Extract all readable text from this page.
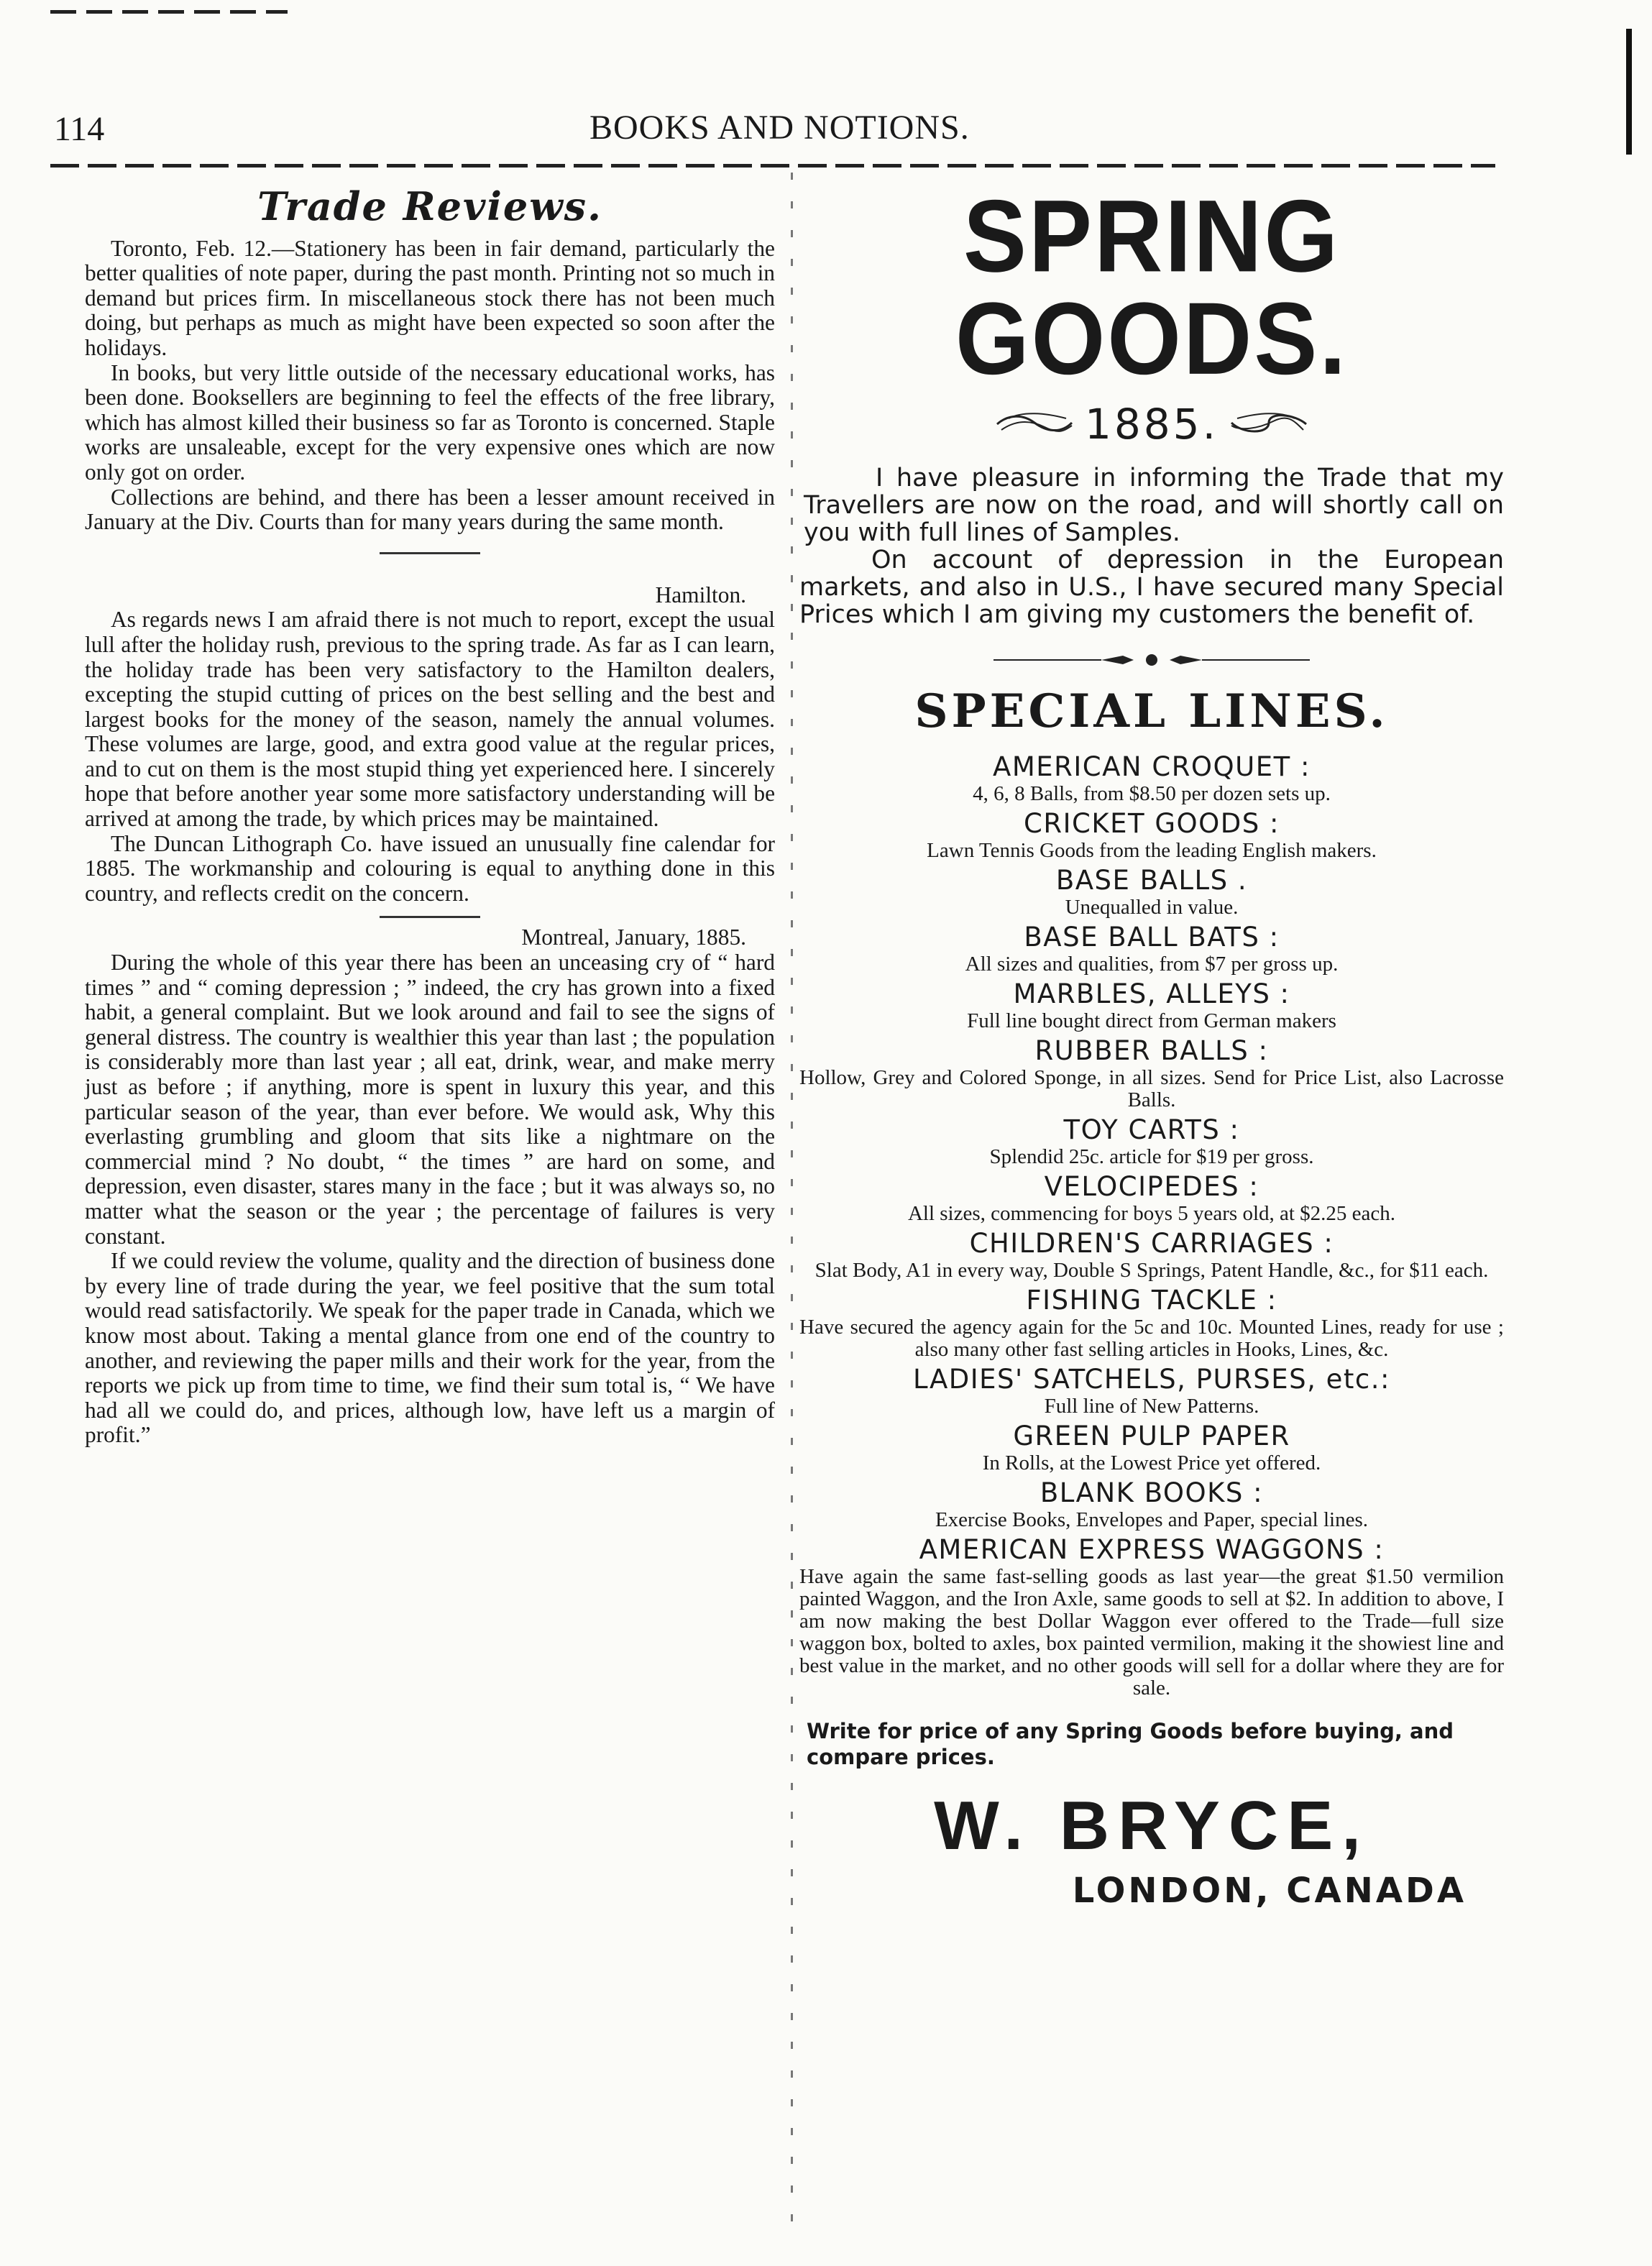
114	BOOKS AND NOTIONS.
Trade Reviews.

Toronto, Feb. 12.—Stationery has been in fair demand, particularly the better qualities of note paper, during the past month. Printing not so much in demand but prices firm. In miscellaneous stock there has not been much doing, but perhaps as much as might have been expected so soon after the holidays.

In books, but very little outside of the necessary educational works, has been done. Booksellers are beginning to feel the effects of the free library, which has almost killed their business so far as Toronto is concerned. Staple works are unsaleable, except for the very expensive ones which are now only got on order.

Collections are behind, and there has been a lesser amount received in January at the Div. Courts than for many years during the same month.

Hamilton.

As regards news I am afraid there is not much to report, except the usual lull after the holiday rush, previous to the spring trade. As far as I can learn, the holiday trade has been very satisfactory to the Hamilton dealers, excepting the stupid cutting of prices on the best selling and the best and largest books for the money of the season, namely the annual volumes. These volumes are large, good, and extra good value at the regular prices, and to cut on them is the most stupid thing yet experienced here. I sincerely hope that before another year some more satisfactory understanding will be arrived at among the trade, by which prices may be maintained.

The Duncan Lithograph Co. have issued an unusually fine calendar for 1885. The workmanship and colouring is equal to anything done in this country, and reflects credit on the concern.

Montreal, January, 1885.

During the whole of this year there has been an unceasing cry of “ hard times ” and “ coming depression ; ” indeed, the cry has grown into a fixed habit, a general complaint. But we look around and fail to see the signs of general distress. The country is wealthier this year than last ; the population is considerably more than last year ; all eat, drink, wear, and make merry just as before ; if anything, more is spent in luxury this year, and this particular season of the year, than ever before. We would ask, Why this everlasting grumbling and gloom that sits like a nightmare on the commercial mind ? No doubt, “ the times ” are hard on some, and depression, even disaster, stares many in the face ; but it was always so, no matter what the season or the year ; the percentage of failures is very constant.

If we could review the volume, quality and the direction of business done by every line of trade during the year, we feel positive that the sum total would read satisfactorily. We speak for the paper trade in Canada, which we know most about. Taking a mental glance from one end of the country to another, and reviewing the paper mills and their work for the year, from the reports we pick up from time to time, we find their sum total is, “ We have had all we could do, and prices, although low, have left us a margin of profit.”

SPRING GOODS.
1885.

I have pleasure in informing the Trade that my Travellers are now on the road, and will shortly call on you with full lines of Samples.

On account of depression in the European markets, and also in U.S., I have secured many Special Prices which I am giving my customers the benefit of.

SPECIAL LINES.

AMERICAN CROQUET :

4, 6, 8 Balls, from $8.50 per dozen sets up.

CRICKET GOODS :

Lawn Tennis Goods from the leading English makers.

BASE BALLS .

Unequalled in value.

BASE BALL BATS :

All sizes and qualities, from $7 per gross up.

MARBLES, ALLEYS :

Full line bought direct from German makers

RUBBER BALLS :

Hollow, Grey and Colored Sponge, in all sizes. Send for Price List, also Lacrosse Balls.

TOY CARTS :

Splendid 25c. article for $19 per gross.

VELOCIPEDES :

All sizes, commencing for boys 5 years old, at $2.25 each.

CHILDREN'S CARRIAGES :

Slat Body, A1 in every way, Double S Springs, Patent Handle, &c., for $11 each.

FISHING TACKLE :

Have secured the agency again for the 5c and 10c. Mounted Lines, ready for use ; also many other fast selling articles in Hooks, Lines, &c.

LADIES' SATCHELS, PURSES, etc.:

Full line of New Patterns.

GREEN PULP PAPER

In Rolls, at the Lowest Price yet offered.

BLANK BOOKS :

Exercise Books, Envelopes and Paper, special lines.

AMERICAN EXPRESS WAGGONS :

Have again the same fast-selling goods as last year—the great $1.50 vermilion painted Waggon, and the Iron Axle, same goods to sell at $2. In addition to above, I am now making the best Dollar Waggon ever offered to the Trade—full size waggon box, bolted to axles, box painted vermilion, making it the showiest line and best value in the market, and no other goods will sell for a dollar where they are for sale.

Write for price of any Spring Goods before buying, and compare prices.

W. BRYCE,

LONDON, CANADA
